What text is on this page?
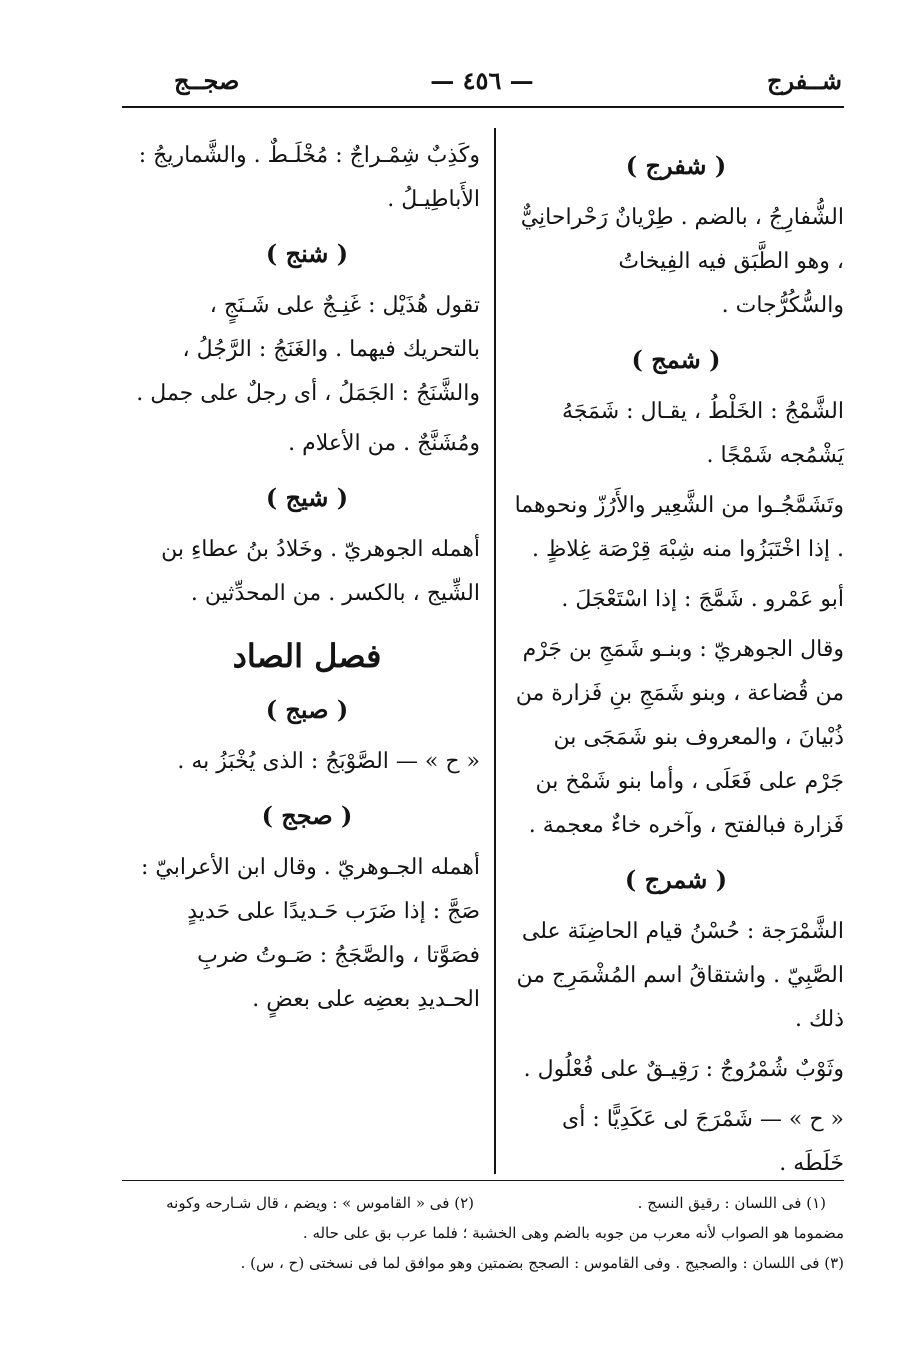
شــفرج
— ٤٥٦ —
صجــج
( شفرج )
الشُّفارِجُ ، بالضم . طِرْيانٌ رَحْراحانِيٌّ ، وهو الطَّبَق فيه الفِيخاتُ والسُّكُرُّجات .
( شمج )
الشَّمْجُ : الخَلْطُ ، يقـال : شَمَجَهُ يَشْمُجه شَمْجًا .
وتَشَمَّجُـوا من الشَّعِير والأَرُزّ ونحوهما . إذا اخْتَبَزُوا منه شِبْهَ قِرْصَة غِلاظٍ .
أبو عَمْرو . شَمَّجَ : إذا اسْتَعْجَلَ .
وقال الجوهريّ : وبنـو شَمَجِ بن جَرْم من قُضاعة ، وبنو شَمَجِ بنِ فَزارة من ذُبْيانَ ، والمعروف بنو شَمَجَى بن جَرْم على فَعَلَى ، وأما بنو شَمْخ بن فَزارة فبالفتح ، وآخره خاءٌ معجمة .
( شمرج )
الشَّمْرَجة : حُسْنُ قيام الحاضِنَة على الصَّبِيّ . واشتقاقُ اسم المُشْمَرِج من ذلك .
وثَوْبٌ شُمْرُوجٌ : رَقِيـقٌ على فُعْلُول .
« ح » — شَمْرَجَ لى عَكَدِيًّا : أى خَلَطَه .
وكَذِبٌ شِمْـراجٌ : مُخْلَـطٌ . والشَّماريجُ : الأَباطِيـلُ .
( شنج )
تقول هُذَيْل : غَنِـجٌ على شَـنَجٍ ، بالتحريك فيهما . والغَنَجُ : الرَّجُلُ ، والشَّنَجُ : الجَمَلُ ، أى رجلٌ على جمل .
ومُشَنَّجٌ . من الأعلام .
( شيج )
أهمله الجوهريّ . وخَلادُ بنُ عطاءِ بن الشِّيج ، بالكسر . من المحدِّثين .
فصل الصاد
( صبج )
« ح » — الصَّوْبَجُ : الذى يُخْبَزُ به .
( صجج )
أهمله الجـوهريّ . وقال ابن الأعرابيّ : صَجَّ : إذا ضَرَب حَـديدًا على حَديدٍ فصَوَّتا ، والصَّجَجُ : صَـوتُ ضربِ الحـديدِ بعضِه على بعضٍ .
(١) فى اللسان : رقيق النسج .
(٢) فى « القاموس » : ويضم ، قال شـارحه وكونه
مضموما هو الصواب لأنه معرب من جوبه بالضم وهى الخشبة ؛ فلما عرب بق على حاله .
(٣) فى اللسان : والصجيج . وفى القاموس : الصجج بضمتين وهو موافق لما فى نسختى (ح ، س) .
